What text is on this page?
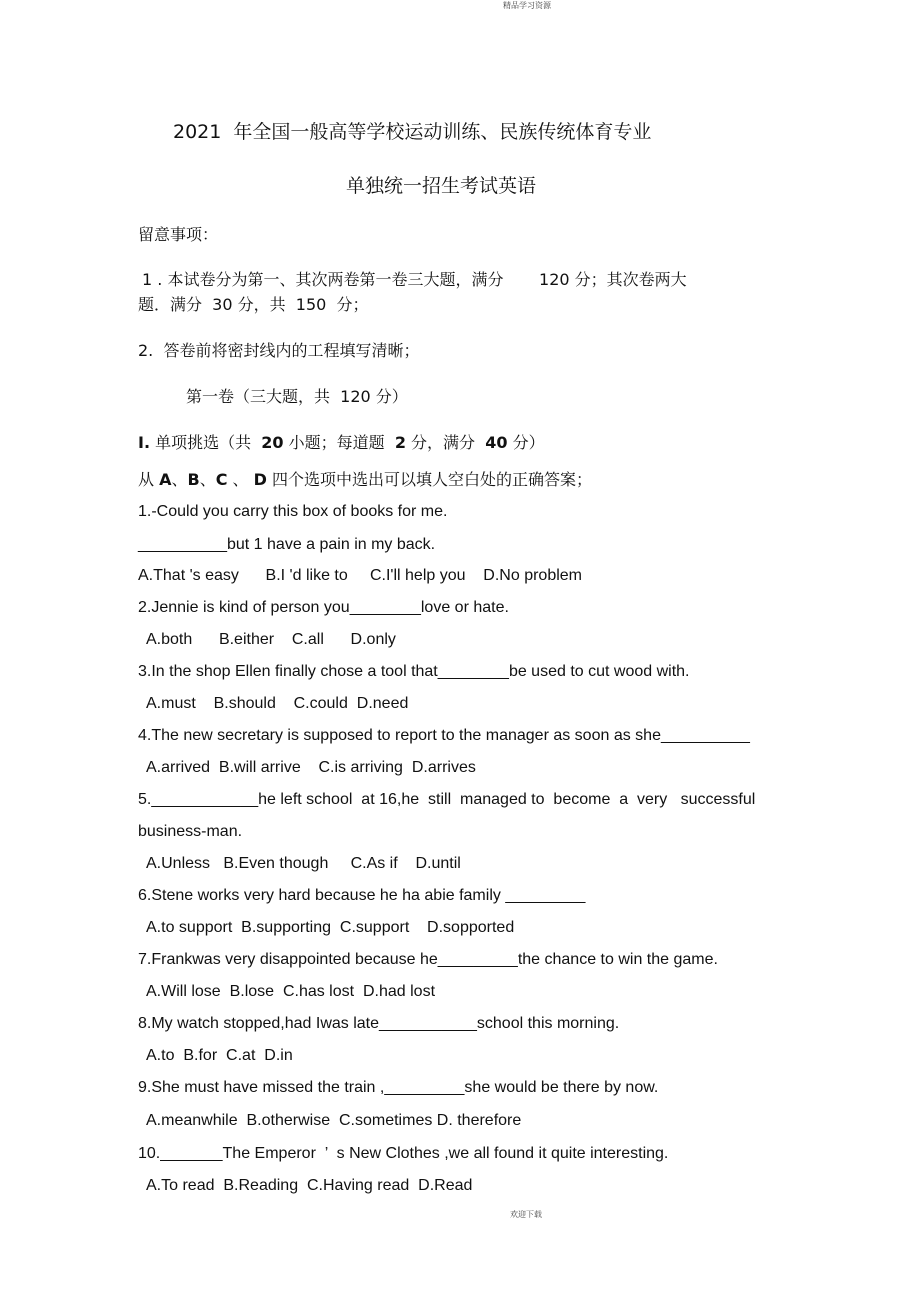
精品学习资源
2021  年全国一般高等学校运动训练、民族传统体育专业
单独统一招生考试英语
留意事项：
1 . 本试卷分为第一、其次两卷第一卷三大题，满分       120 分；其次卷两大
题．满分  30 分，共  150  分；
2.  答卷前将密封线内的工程填写清晰；
第一卷（三大题，共  120 分）
I. 单项挑选（共  20 小题；每道题  2 分，满分  40 分）
从 A、B、C 、 D 四个选项中选出可以填人空白处的正确答案；
1.-Could you carry this box of books for me.
__________but 1 have a pain in my back.
A.That 's easy      B.I 'd like to     C.I'll help you    D.No problem
2.Jennie is kind of person you________love or hate.
A.both      B.either    C.all      D.only
3.In the shop Ellen finally chose a tool that________be used to cut wood with.
A.must    B.should    C.could  D.need
4.The new secretary is supposed to report to the manager as soon as she__________
A.arrived  B.will arrive    C.is arriving  D.arrives
5.____________he left school  at 16,he  still  managed to  become  a  very   successful
business-man.
A.Unless   B.Even though     C.As if    D.until
6.Stene works very hard because he ha abie family _________
A.to support  B.supporting  C.support    D.sopported
7.Frankwas very disappointed because he_________the chance to win the game.
A.Will lose  B.lose  C.has lost  D.had lost
8.My watch stopped,had Iwas late___________school this morning.
A.to  B.for  C.at  D.in
9.She must have missed the train ,_________she would be there by now.
A.meanwhile  B.otherwise  C.sometimes D. therefore
10._______The Emperor  ’  s New Clothes ,we all found it quite interesting.
A.To read  B.Reading  C.Having read  D.Read
欢迎下载
